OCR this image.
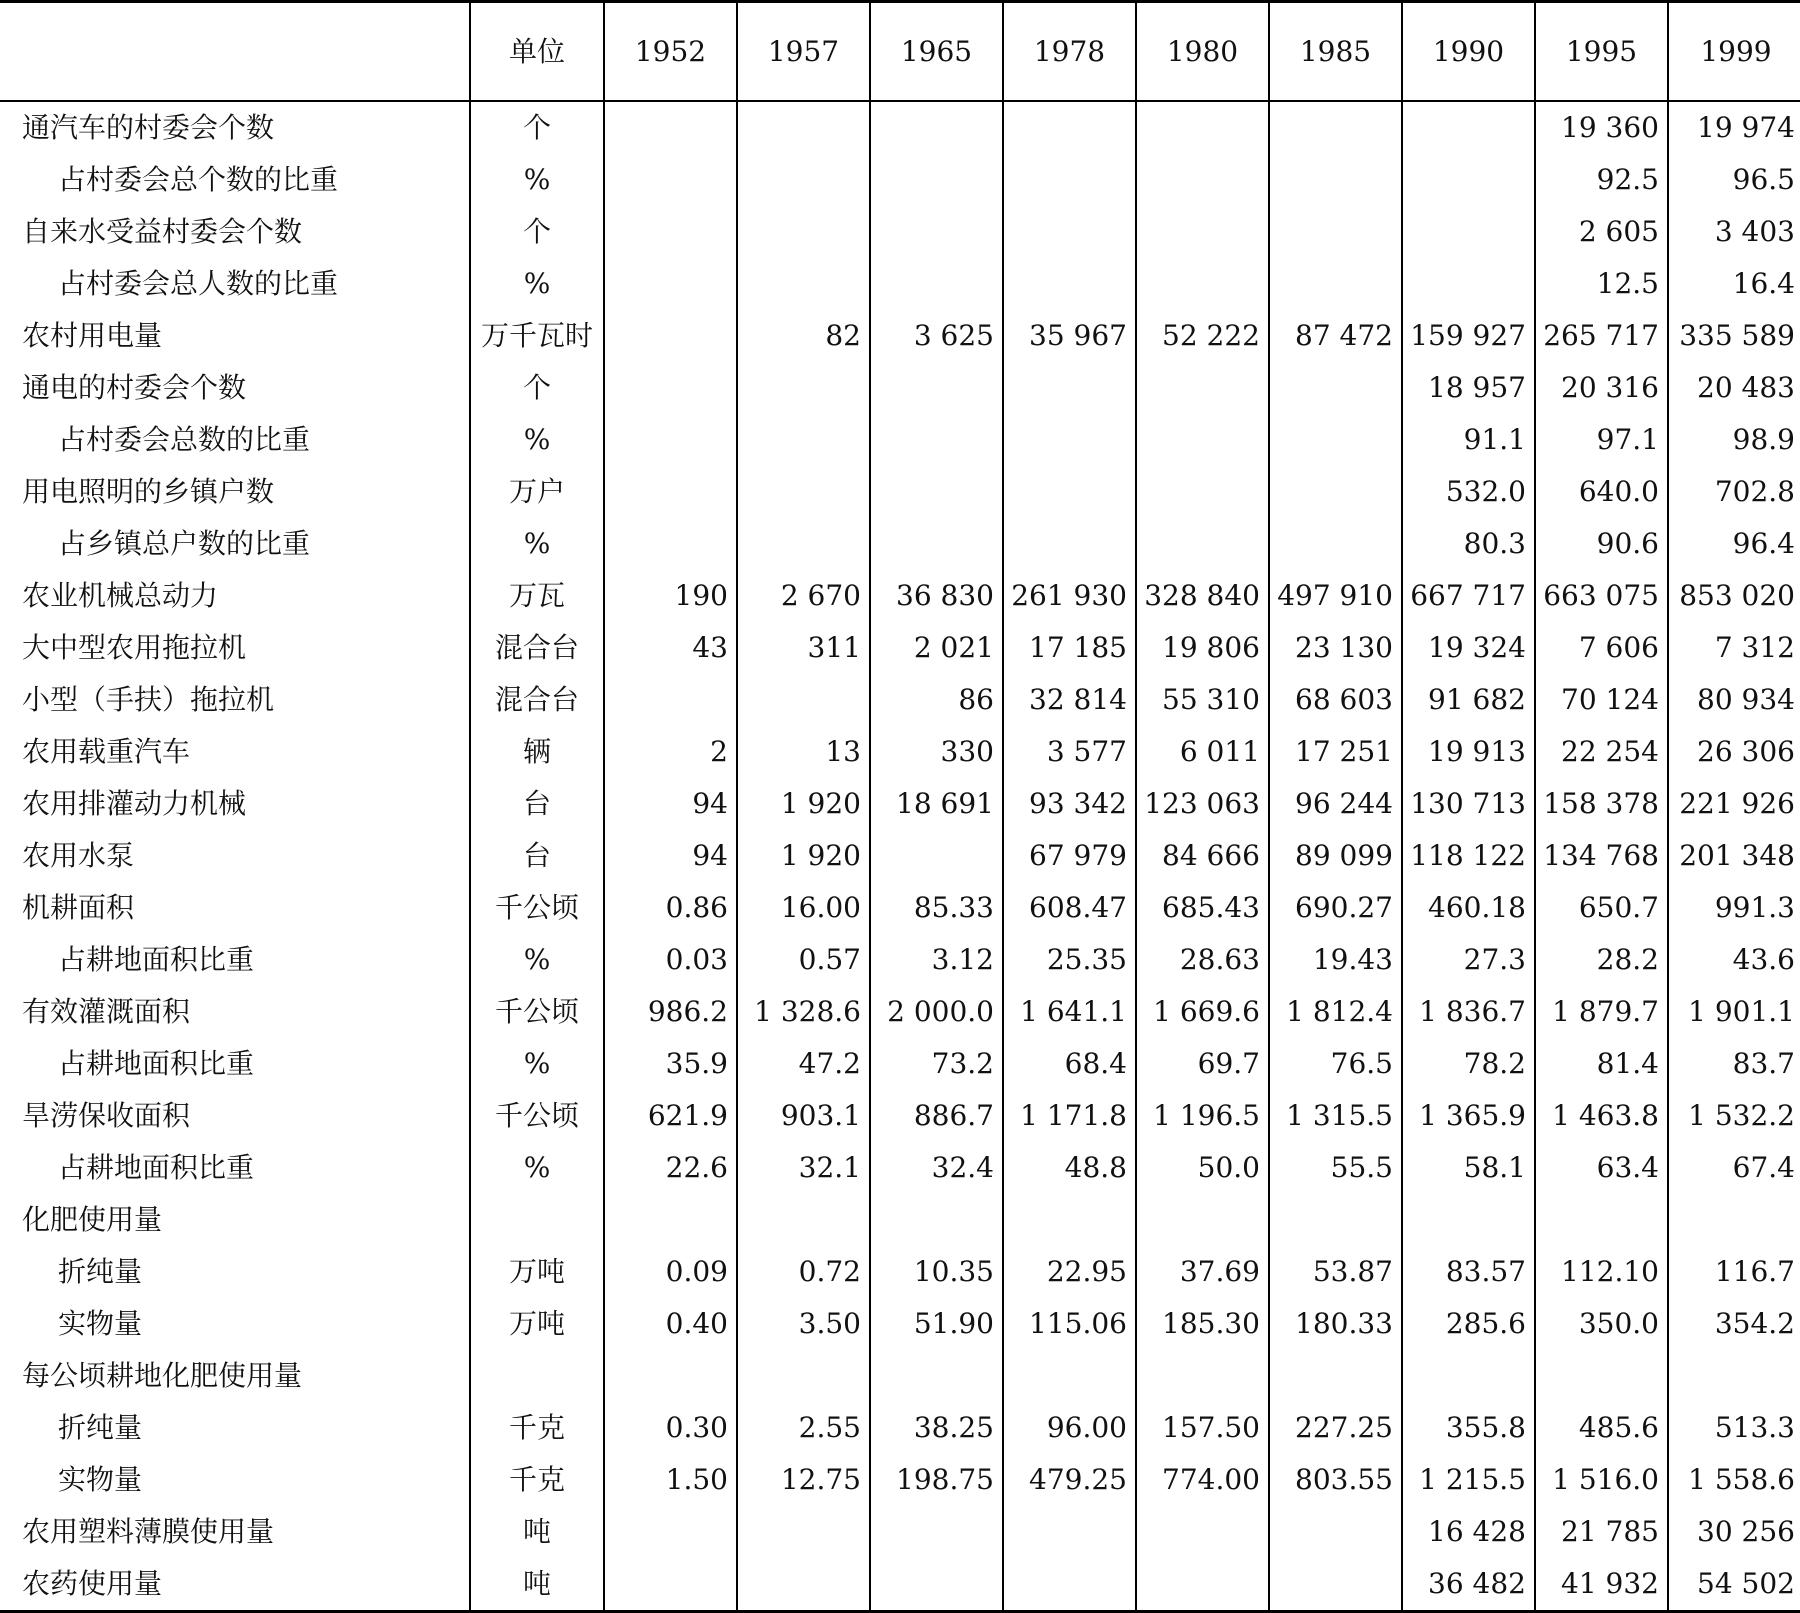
	单位	1952	1957	1965	1978	1980	1985	1990	1995	1999
通汽车的村委会个数	个								19 360	19 974
占村委会总个数的比重	%								92.5	96.5
自来水受益村委会个数	个								2 605	3 403
占村委会总人数的比重	%								12.5	16.4
农村用电量	万千瓦时		82	3 625	35 967	52 222	87 472	159 927	265 717	335 589
通电的村委会个数	个							18 957	20 316	20 483
占村委会总数的比重	%							91.1	97.1	98.9
用电照明的乡镇户数	万户							532.0	640.0	702.8
占乡镇总户数的比重	%							80.3	90.6	96.4
农业机械总动力	万瓦	190	2 670	36 830	261 930	328 840	497 910	667 717	663 075	853 020
大中型农用拖拉机	混合台	43	311	2 021	17 185	19 806	23 130	19 324	7 606	7 312
小型（手扶）拖拉机	混合台			86	32 814	55 310	68 603	91 682	70 124	80 934
农用载重汽车	辆	2	13	330	3 577	6 011	17 251	19 913	22 254	26 306
农用排灌动力机械	台	94	1 920	18 691	93 342	123 063	96 244	130 713	158 378	221 926
农用水泵	台	94	1 920		67 979	84 666	89 099	118 122	134 768	201 348
机耕面积	千公顷	0.86	16.00	85.33	608.47	685.43	690.27	460.18	650.7	991.3
占耕地面积比重	%	0.03	0.57	3.12	25.35	28.63	19.43	27.3	28.2	43.6
有效灌溉面积	千公顷	986.2	1 328.6	2 000.0	1 641.1	1 669.6	1 812.4	1 836.7	1 879.7	1 901.1
占耕地面积比重	%	35.9	47.2	73.2	68.4	69.7	76.5	78.2	81.4	83.7
旱涝保收面积	千公顷	621.9	903.1	886.7	1 171.8	1 196.5	1 315.5	1 365.9	1 463.8	1 532.2
占耕地面积比重	%	22.6	32.1	32.4	48.8	50.0	55.5	58.1	63.4	67.4
化肥使用量										
折纯量	万吨	0.09	0.72	10.35	22.95	37.69	53.87	83.57	112.10	116.7
实物量	万吨	0.40	3.50	51.90	115.06	185.30	180.33	285.6	350.0	354.2
每公顷耕地化肥使用量										
折纯量	千克	0.30	2.55	38.25	96.00	157.50	227.25	355.8	485.6	513.3
实物量	千克	1.50	12.75	198.75	479.25	774.00	803.55	1 215.5	1 516.0	1 558.6
农用塑料薄膜使用量	吨							16 428	21 785	30 256
农药使用量	吨							36 482	41 932	54 502
